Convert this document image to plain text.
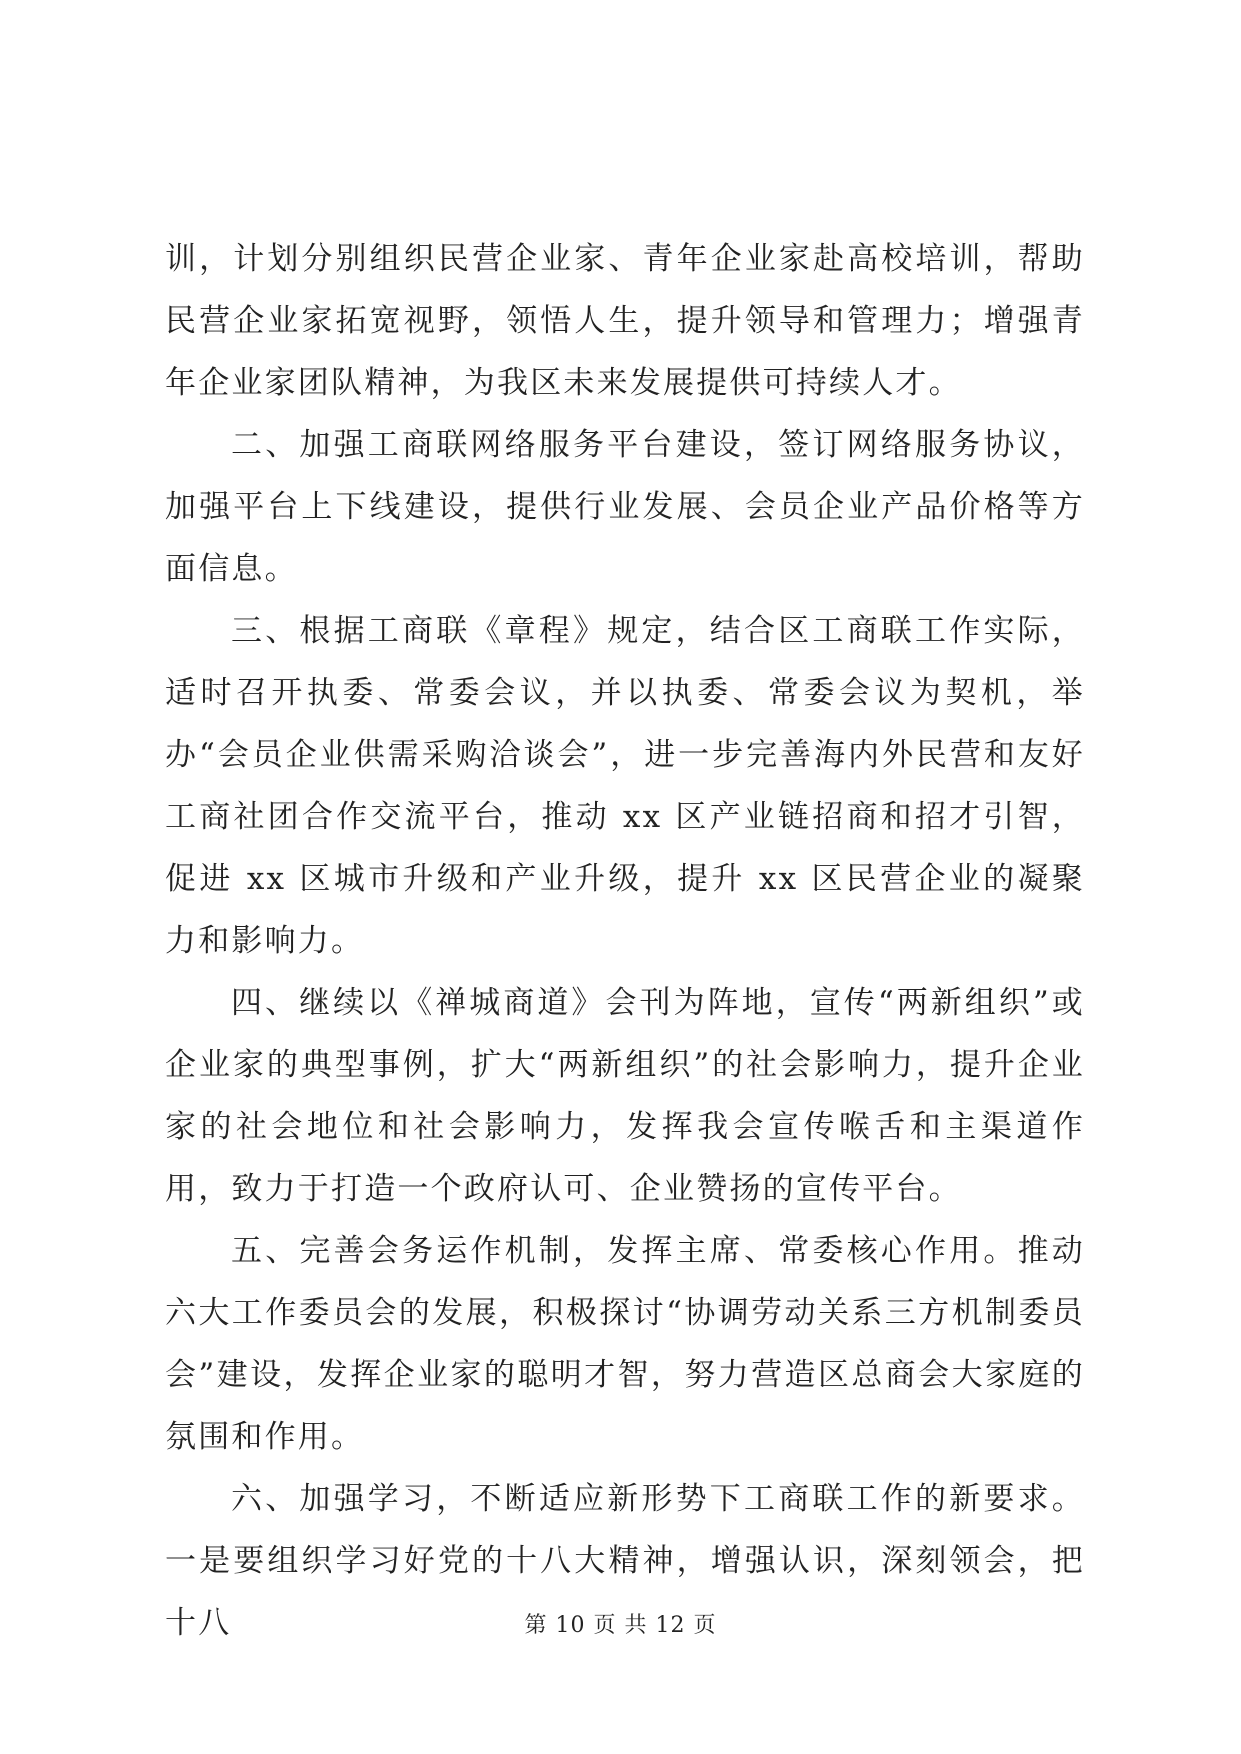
训，计划分别组织民营企业家、青年企业家赴高校培训，帮助民营企业家拓宽视野，领悟人生，提升领导和管理力；增强青年企业家团队精神，为我区未来发展提供可持续人才。

二、加强工商联网络服务平台建设，签订网络服务协议，加强平台上下线建设，提供行业发展、会员企业产品价格等方面信息。

三、根据工商联《章程》规定，结合区工商联工作实际，适时召开执委、常委会议，并以执委、常委会议为契机，举办“会员企业供需采购洽谈会”，进一步完善海内外民营和友好工商社团合作交流平台，推动 xx 区产业链招商和招才引智，促进 xx 区城市升级和产业升级，提升 xx 区民营企业的凝聚力和影响力。

四、继续以《禅城商道》会刊为阵地，宣传“两新组织”或企业家的典型事例，扩大“两新组织”的社会影响力，提升企业家的社会地位和社会影响力，发挥我会宣传喉舌和主渠道作用，致力于打造一个政府认可、企业赞扬的宣传平台。

五、完善会务运作机制，发挥主席、常委核心作用。推动六大工作委员会的发展，积极探讨“协调劳动关系三方机制委员会”建设，发挥企业家的聪明才智，努力营造区总商会大家庭的氛围和作用。

六、加强学习，不断适应新形势下工商联工作的新要求。一是要组织学习好党的十八大精神，增强认识，深刻领会，把十八	第 10 页 共 12 页
